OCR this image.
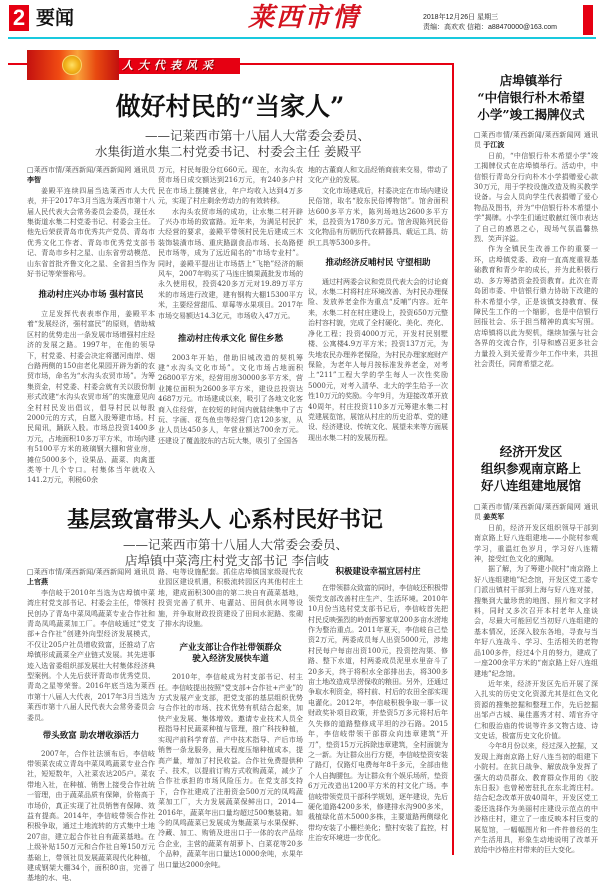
2 要闻	莱西市情	2018年12月26日 星期三
责编：高欢欢 信箱：a88470000@163.com
人大代表风采
做好村民的“当家人”
——记莱西市第十八届人大常委会委员、
水集街道水集二村党委书记、村委会主任 姜殿平

□莱西市情/莱西新闻/莱西新闻网 通讯员 李智

姜殿平连续四届当选莱西市人大代表，并于2017年3月当选为莱西市第十八届人民代表大会常务委员会委员，现任水集街道水集二村党委书记、村委会主任。他先后荣获青岛市优秀共产党员、青岛市优秀文化工作者、青岛市优秀党支部书记、青岛市乡村之星、山东省劳动模范、山东省首批齐鲁文化之星、全省担当作为好书记等荣誉称号。

推动村庄兴办市场 强村富民

立足发挥代表表率作用，姜殿平本着“发展经济，强村富民”的原则，借助城区村的优势走出一条发展市场增强村庄经济的发展之路。1997年，在他的领导下，村党委、村委会决定将潴河南岸、烟台路两侧的150亩老化果园开辟为新的农贸市场，命名为“水沟头农贸市场”。为筹集资金，村党委、村委会就有关以股份制形式改建“水沟头农贸市场”的实施意见向全村村民发出倡议，倡导村民以每股2000元的方式，自愿入股筹建市场。村民闻讯，踊跃入股。市场总投资1400多万元，占地面积10多万平方米，市场内建有5100平方米的玻璃钢大棚和营业房，摊位5000多个，设果品、蔬菜、肉禽蛋类等十几个专口。村集体当年就收入141.2万元，利税60余

万元，村民每股分红660元。现在，水沟头农贸市场日成交额达到216万元，有240多户村民在市场上摆摊营业，年户均收入达到4万多元，实现了村庄剩余劳动力的有效转移。

水沟头农贸市场的成功，让水集二村开辟了兴办市场的致富路。近年来，为满足村民扩大经营的要求，姜殿平带领村民先后建成三木装饰装潢市场、重庆路副食品市场、长岛路便民市场等，成为了远近闻名的“市场专业村”。同时，姜殿平提出让市场搭上“飞艳”经济的顺风车，2007年购买了马连庄镇果蔬批发市场的永久使用权，投资420多万元对19.89万平方米的市场进行改建，建有钢构大棚15300平方米，主要经营甜瓜、草莓等水果项目。2017年市场交易额达14.3亿元，市场收入47万元。

推动村庄传承文化 留住乡愁

2003年开始，借助旧城改造的契机筹建“水沟头文化市场”。文化市场占地面积26800平方米，经营用房30000多平方米，营业摊位面积为2600多平方米，建设总投资达4687万元。市场建成以来，吸引了各地文化客商入住经营，在较短的时间内就陆续集中了古玩、字画、花鸟鱼虫等经营门店120多家，从业人员达450多人，年营业额达700余万元。还建设了覆盖胶东的古玩大集，吸引了全国各

地的古董商人和文品经销商前来交易，带动了文化产业的发展。

文化市场建成后，村委决定在市场内建设民俗馆，取名“胶东民俗博物馆”。馆舍面积达600多平方米，陈列场地达2600多平方米，总投资为1780多万元。馆舍现陈列民俗文化物品有历朝历代农耕器具、载运工具、纺织工具等5300多件。

推动经济反哺村民 守望相助

通过村两委会议和党员代表大会的讨论商议，水集二村将村庄环境改善、为村民办理保险、发放养老金作为重点“反哺”内容。近年来，水集二村在村庄建设上，投资650万元整治村容村貌，完成了全村硬化、美化、亮化、净化工程；投资4000万元，开发村民别墅楼、公寓楼4.9万平方米；投资137万元，为失地农民办理养老保险，为村民办理家庭财产保险，为老年人每月按标准发养老金，对考上“211”工程大学的学生每人一次性奖励5000元，对考入清华、北大的学生给予一次性10万元的奖励。今年9月，为迎接改革开放40周年，村庄投资110多万元筹建水集二村党建展览馆，展馆从村庄的历史沿革、党的建设、经济建设、传统文化、展望未来等方面展现出水集二村的发展历程。

基层致富带头人 心系村民好书记
——记莱西市第十八届人大常委会委员、
店埠镇中菜湾庄村党支部书记 李信岐

□莱西市情/莱西新闻/莱西新闻网 通讯员 上官燕

李信岐于2010年当选为店埠镇中菜湾庄村党支部书记、村委会主任，带领村民创办了青岛中菜凤鸣蔬菜专业合作社和青岛凤鸣蔬菜加工厂。李信岐通过“党支部+合作社”创建外向型经济发展模式，不仅让205户社员增收致富，还推动了店埠镇形成蔬菜全产业链式发展。其先进事迹入选省委组织部发展壮大村集体经济典型案例。个人先后获评青岛市优秀党员、青岛之星等荣誉。2016年底当选为莱西市第十八届人大代表，2017年3月当选为莱西市第十八届人民代表大会常务委员会委员。

带头致富 助农增收添活力

2007年，合作社法颁布后，李信岐带领菜农成立青岛中菜凤鸣蔬菜专业合作社，短短数年，入社菜农达205户。菜农带地入社，在种植、销售上接受合作社统一管理，由于蔬菜品质有保障，价格高于市场价，真正实现了社员销售有保障、效益有提高。2014年，李信岐带领合作社积极争取，通过土地流转的方式集中土地207亩，建立起合作社自有蔬菜基地。在上级补贴150万元和合作社自筹150万元基础上，带领社员发展蔬菜现代化种植，建成钢架大棚34个，面积80亩，完善了基地的水、电、

路、电等设施配套。抓住店埠镇国家级现代农业园区建设机遇，积极流转园区内其他村庄土地，建成面积300亩的第二块自有蔬菜基地，投资完善了机井、电灌站、田间供水网等设施，并争取财政投资建设了田间水泥路、浆砌了排水沟设施。

产业支部让合作社带领群众

驶入经济发展快车道

2010年，李信岐成为村支部书记、村主任。李信岐提出按照“党支部+合作社+产业”的方式发展产业支部，把党支部的基层组织优势与合作社的市场、技术优势有机结合起来，加快产业发展、集体增效。邀请专业技术人员全程指导村民蔬菜种植与管理，推广科技种植，实现产前科学育苗、产中技术指导、产后市场销售一条龙服务，最大程度压缩种植成本，提高产量，增加了村民收益。合作社免费提供种子、技术，以提前订购方式收购蔬菜，减少了合作社承担的市场风险压力。在党支部支持下，合作社建成了注册资金500万元的凤鸣蔬菜加工厂，大力发展蔬菜保鲜出口，2014—2016年，蔬菜年出口量均超过500集装箱。如今的凤鸣蔬菜已发展成为集蔬菜与水果保鲜、冷藏、加工、购销及进出口于一体的农产品综合企业，主营的蔬菜有胡萝卜、白菜花等20多个品种，蔬菜年出口量达10000余吨，水果年出口量达2000余吨。

积极建设幸福宜居村庄

在带领群众致富的同时，李信岐还积极带领党支部改善村庄生产、生活环境。2010年10月份当选村党支部书记后，李信岐首先把村民反映强烈的岭南西蓼家草200多亩水涝地作为整治重点。2011年夏天，李信岐自己垫资2万元，两委成员每人出资5000元，涉地村民每户每亩出资100元，投资挖沟渠、修路、整下水道，村两委成员泥里水里奋斗了20多天，终于将积水全部排出去，将300多亩土地改造成旱涝保收的粮田。另外，还通过争取水利资金，将村前、村后的农田全部实现电灌化。2012年，李信岐积极争取一事一议财政奖补项目政策，并垫资5万多元将村后年久失修的道路整修成平坦的沙石路。2015年，李信岐带领干部群众向违章建筑“开刀”，垫资15万元拆除违章建筑，全村面貌为之一新。为让群众出行方便，李信岐垫资安装了路灯，仅路灯电费每年8千多元，全部由他个人自掏腰包。为让群众有个娱乐场所，垫资6万元改造出1200平方米的村文化广场。李信岐带领党员干部科学规划，逐年建设，先后硬化道路4200多米，修建排水沟900多米，栽植绿化苗木5000多株，主要道路两侧绿化带均安装了小栅栏美化；整村安装了监控，村庄治安环境进一步优化。

店埠镇举行
“中信银行朴木希望
小学”竣工揭牌仪式

□莱西市情/莱西新闻/莱西新闻网 通讯员 于江波

日前，“中信银行朴木希望小学”竣工揭牌仪式在店埠镇举行。活动中，中信银行青岛分行向朴木小学捐赠爱心款30万元，用于学校设施改造及购买教学设备。与会人员向学生代表捐赠了爱心物品及图书，并为“中信银行朴木希望小学”揭牌。小学生们通过敬献红领巾表达了自己的感恩之心，现场气氛温馨热烈、笑声洋溢。

作为全镇民生改善工作的重要一环，店埠镇党委、政府一直高度重视基础教育和青少年的成长，并为此积极行动、多方筹措资金投资教育。此次在青岛团市委、中信银行鼎力协助下改建的朴木希望小学，正是该镇支持教育、保障民生工作的一个缩影，也是中信银行回报社会、乐于担当精神的真实写照。店埠镇将以此为契机，继续加强与社会各界的交流合作，引导和感召更多社会力量投入到关爱青少年工作中来，共担社会责任，同育希望之花。

经济开发区
组织参观南京路上
好八连组建地展馆

□莱西市情/莱西新闻/莱西新闻网 通讯员 姜英军

日前，经济开发区组织领导干部到南京路上好八连组建地——小院村参观学习，重温红色岁月，学习好八连精神，接受红色文化的熏陶。

据了解，为了筹建小院村“南京路上好八连组建地”纪念馆，开发区党工委专门派出镇村干部到上海与好八连对接，搜集到大量珍贵的地图、照片和文字材料，同时又多次召开本村老年人座谈会，尽最大可能回忆当初好八连组建的基本情况，还深入胶东各地，寻查与当年好八连战斗、学习、生活相关的老物品100多件，经过4个月的努力，建成了一座200余平方米的“南京路上好八连组建地”纪念馆。

近年来，经济开发区先后开展了深入扎实的历史文化资源尤其是红色文化资源的搜集挖掘和整理工作，先后挖掘出邹卢古城、巢佳惠秀才村、靖官乔守仁和殷治庙的传说等许多文物古迹、诗文史话，极富历史文化价值。

今年8月份以来，经过深入挖掘，又发现上海南京路上好八连当初的组建下小院村。在抗日战争、解放战争发挥了强大的动员群众、教育群众作用的《胶东日报》也曾秘密驻扎在东北湾庄村。结合纪念改革开放40周年，开发区党工委还选择作为美丽村庄建设示范点的中沙格庄村，建立了一座反映本村巨变的展览馆，一幅幅图片和一件件曾经的生产生活用具，形象生动地说明了改革开放给中沙格庄村带来的巨大变化。
